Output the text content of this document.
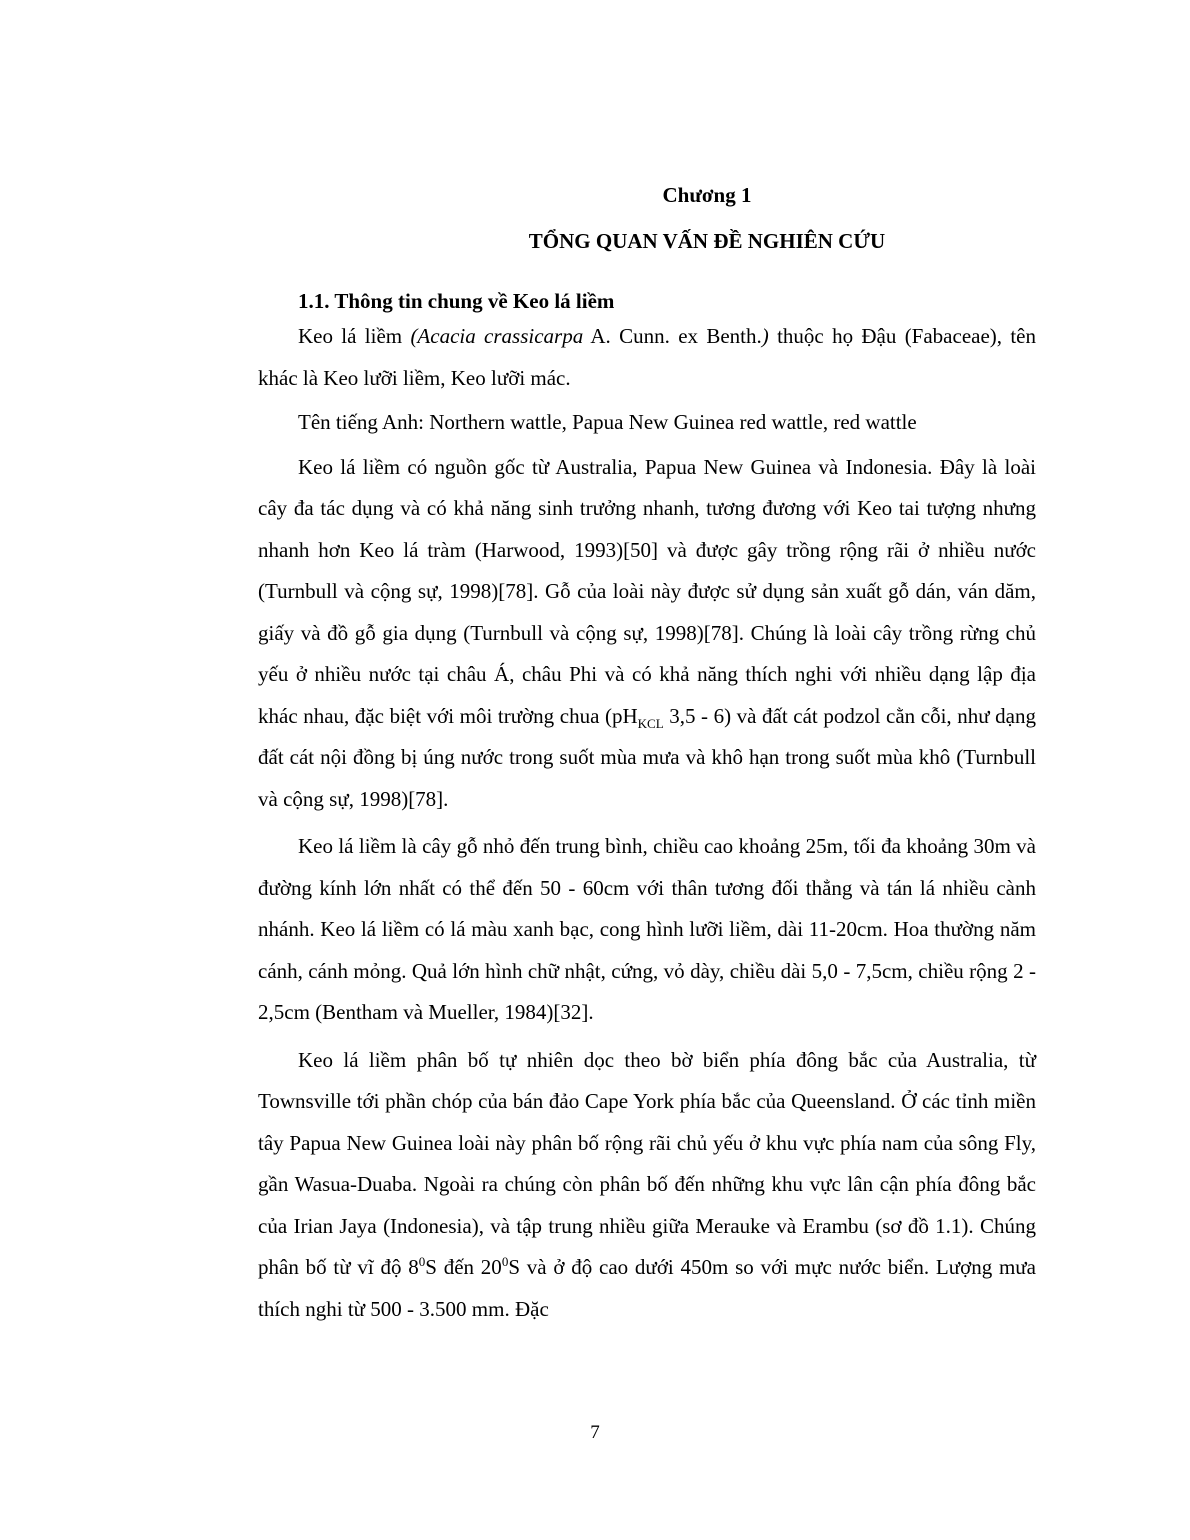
Chương 1
TỔNG QUAN VẤN ĐỀ NGHIÊN CỨU
1.1. Thông tin chung về Keo lá liềm

Keo lá liềm (Acacia crassicarpa A. Cunn. ex Benth.) thuộc họ Đậu (Fabaceae), tên khác là Keo lưỡi liềm, Keo lưỡi mác.

Tên tiếng Anh: Northern wattle, Papua New Guinea red wattle, red wattle

Keo lá liềm có nguồn gốc từ Australia, Papua New Guinea và Indonesia. Đây là loài cây đa tác dụng và có khả năng sinh trưởng nhanh, tương đương với Keo tai tượng nhưng nhanh hơn Keo lá tràm (Harwood, 1993)[50] và được gây trồng rộng rãi ở nhiều nước (Turnbull và cộng sự, 1998)[78]. Gỗ của loài này được sử dụng sản xuất gỗ dán, ván dăm, giấy và đồ gỗ gia dụng (Turnbull và cộng sự, 1998)[78]. Chúng là loài cây trồng rừng chủ yếu ở nhiều nước tại châu Á, châu Phi và có khả năng thích nghi với nhiều dạng lập địa khác nhau, đặc biệt với môi trường chua ($pH_{KCL}$ 3,5 - 6) và đất cát podzol cằn cỗi, như dạng đất cát nội đồng bị úng nước trong suốt mùa mưa và khô hạn trong suốt mùa khô (Turnbull và cộng sự, 1998)[78].

Keo lá liềm là cây gỗ nhỏ đến trung bình, chiều cao khoảng 25m, tối đa khoảng 30m và đường kính lớn nhất có thể đến 50 - 60cm với thân tương đối thẳng và tán lá nhiều cành nhánh. Keo lá liềm có lá màu xanh bạc, cong hình lưỡi liềm, dài 11-20cm. Hoa thường năm cánh, cánh mỏng. Quả lớn hình chữ nhật, cứng, vỏ dày, chiều dài 5,0 - 7,5cm, chiều rộng 2 - 2,5cm (Bentham và Mueller, 1984)[32].

Keo lá liềm phân bố tự nhiên dọc theo bờ biển phía đông bắc của Australia, từ Townsville tới phần chóp của bán đảo Cape York phía bắc của Queensland. Ở các tỉnh miền tây Papua New Guinea loài này phân bố rộng rãi chủ yếu ở khu vực phía nam của sông Fly, gần Wasua-Duaba. Ngoài ra chúng còn phân bố đến những khu vực lân cận phía đông bắc của Irian Jaya (Indonesia), và tập trung nhiều giữa Merauke và Erambu (sơ đồ 1.1). Chúng phân bố từ vĩ độ $8^0S$ đến $20^0S$ và ở độ cao dưới 450m so với mực nước biển. Lượng mưa thích nghi từ 500 - 3.500 mm. Đặc

7
